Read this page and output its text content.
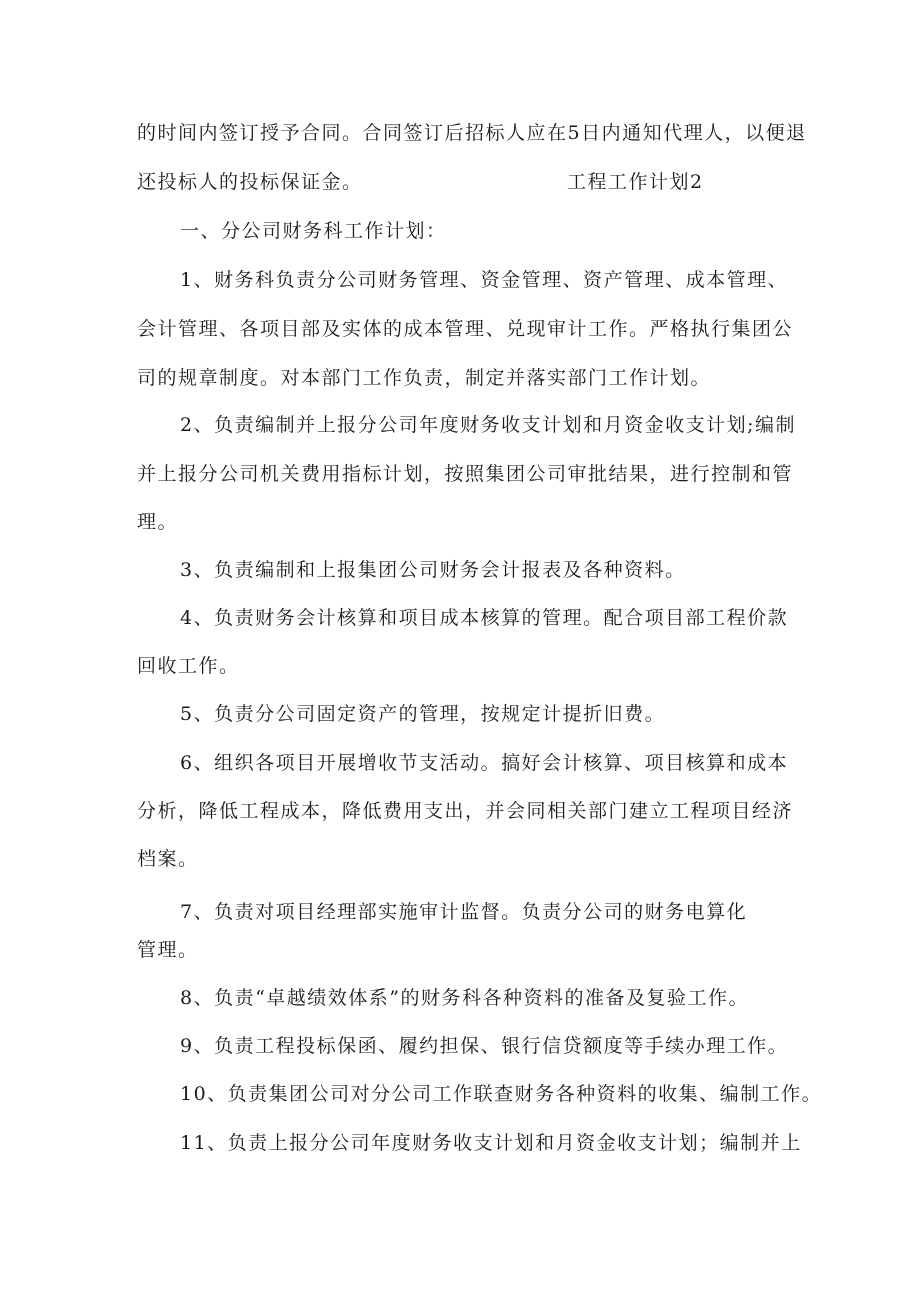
的时间内签订授予合同。合同签订后招标人应在5日内通知代理人，以便退
还投标人的投标保证金。	工程工作计划2
一、分公司财务科工作计划：
1、财务科负责分公司财务管理、资金管理、资产管理、成本管理、
会计管理、各项目部及实体的成本管理、兑现审计工作。严格执行集团公
司的规章制度。对本部门工作负责，制定并落实部门工作计划。
2、负责编制并上报分公司年度财务收支计划和月资金收支计划;编制
并上报分公司机关费用指标计划，按照集团公司审批结果，进行控制和管
理。
3、负责编制和上报集团公司财务会计报表及各种资料。
4、负责财务会计核算和项目成本核算的管理。配合项目部工程价款
回收工作。
5、负责分公司固定资产的管理，按规定计提折旧费。
6、组织各项目开展增收节支活动。搞好会计核算、项目核算和成本
分析，降低工程成本，降低费用支出，并会同相关部门建立工程项目经济
档案。
7、负责对项目经理部实施审计监督。负责分公司的财务电算化
管理。
8、负责“卓越绩效体系”的财务科各种资料的准备及复验工作。
9、负责工程投标保函、履约担保、银行信贷额度等手续办理工作。
10、负责集团公司对分公司工作联查财务各种资料的收集、编制工作。
11、负责上报分公司年度财务收支计划和月资金收支计划；编制并上
